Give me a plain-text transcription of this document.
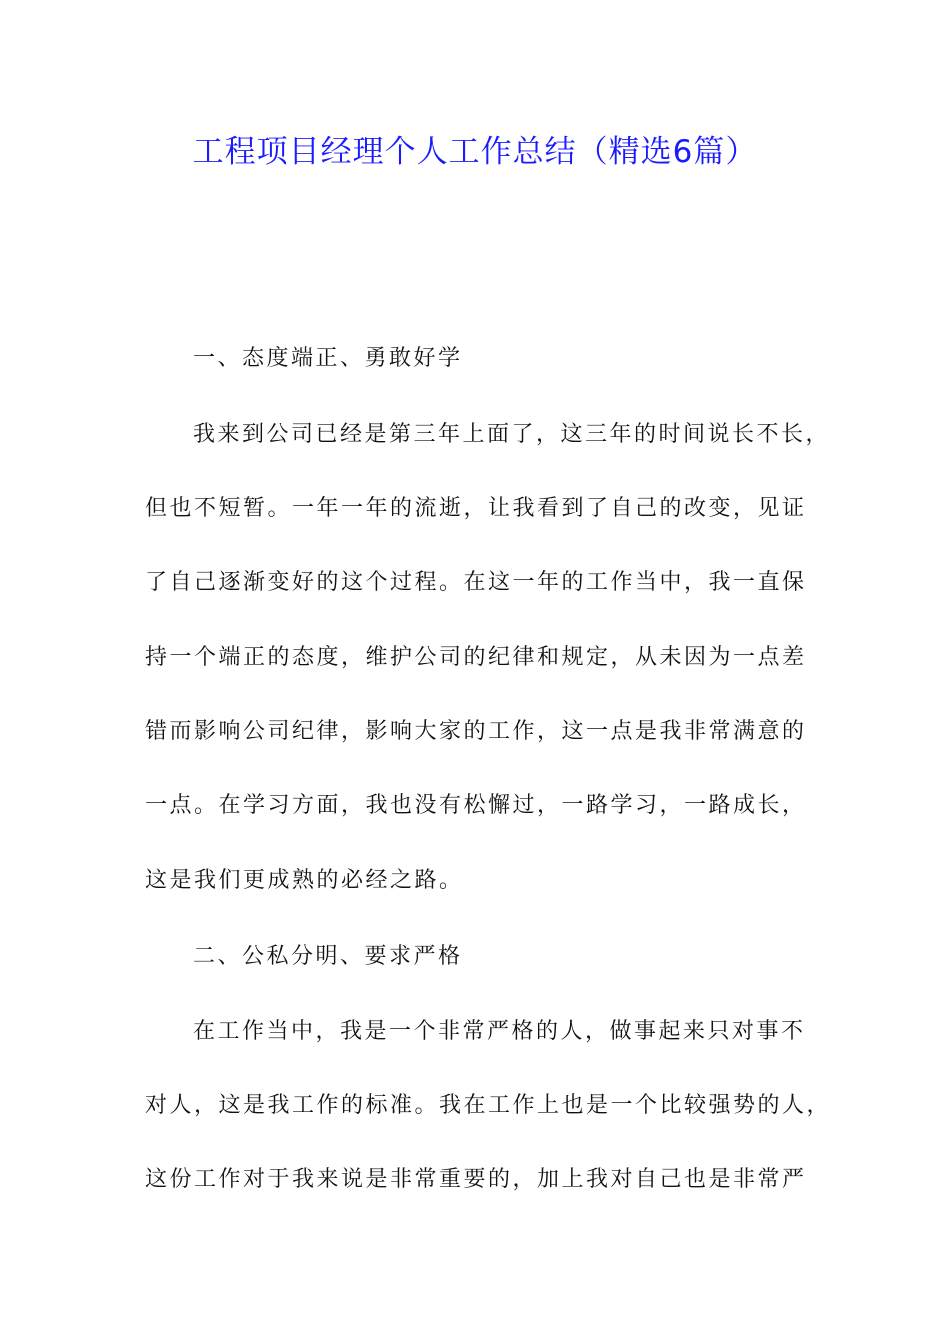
工程项目经理个人工作总结（精选6篇）
一、态度端正、勇敢好学
我来到公司已经是第三年上面了，这三年的时间说长不长，
但也不短暂。一年一年的流逝，让我看到了自己的改变，见证
了自己逐渐变好的这个过程。在这一年的工作当中，我一直保
持一个端正的态度，维护公司的纪律和规定，从未因为一点差
错而影响公司纪律，影响大家的工作，这一点是我非常满意的
一点。在学习方面，我也没有松懈过，一路学习，一路成长，
这是我们更成熟的必经之路。
二、公私分明、要求严格
在工作当中，我是一个非常严格的人，做事起来只对事不
对人，这是我工作的标准。我在工作上也是一个比较强势的人，
这份工作对于我来说是非常重要的，加上我对自己也是非常严
